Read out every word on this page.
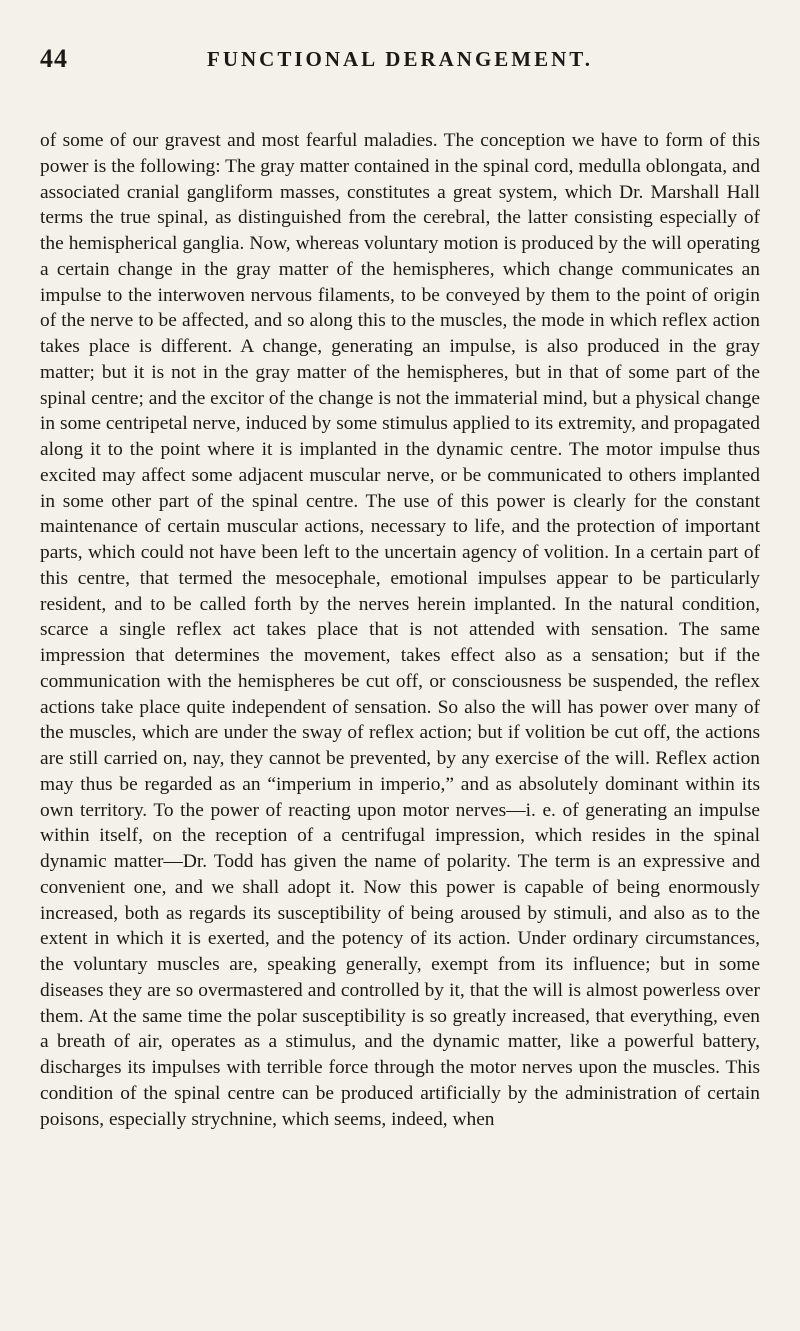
44	FUNCTIONAL DERANGEMENT.

of some of our gravest and most fearful maladies. The conception we have to form of this power is the following: The gray matter contained in the spinal cord, medulla oblongata, and associated cranial gangliform masses, constitutes a great system, which Dr. Marshall Hall terms the true spinal, as distinguished from the cerebral, the latter consisting especially of the hemispherical ganglia. Now, whereas voluntary motion is produced by the will operating a certain change in the gray matter of the hemispheres, which change communicates an impulse to the interwoven nervous filaments, to be conveyed by them to the point of origin of the nerve to be affected, and so along this to the muscles, the mode in which reflex action takes place is different. A change, generating an impulse, is also produced in the gray matter; but it is not in the gray matter of the hemispheres, but in that of some part of the spinal centre; and the excitor of the change is not the immaterial mind, but a physical change in some centripetal nerve, induced by some stimulus applied to its extremity, and propagated along it to the point where it is implanted in the dynamic centre. The motor impulse thus excited may affect some adjacent muscular nerve, or be communicated to others implanted in some other part of the spinal centre. The use of this power is clearly for the constant maintenance of certain muscular actions, necessary to life, and the protection of important parts, which could not have been left to the uncertain agency of volition. In a certain part of this centre, that termed the mesocephale, emotional impulses appear to be particularly resident, and to be called forth by the nerves herein implanted. In the natural condition, scarce a single reflex act takes place that is not attended with sensation. The same impression that determines the movement, takes effect also as a sensation; but if the communication with the hemispheres be cut off, or consciousness be suspended, the reflex actions take place quite independent of sensation. So also the will has power over many of the muscles, which are under the sway of reflex action; but if volition be cut off, the actions are still carried on, nay, they cannot be prevented, by any exercise of the will. Reflex action may thus be regarded as an “imperium in imperio,” and as absolutely dominant within its own territory. To the power of reacting upon motor nerves—i. e. of generating an impulse within itself, on the reception of a centrifugal impression, which resides in the spinal dynamic matter—Dr. Todd has given the name of polarity. The term is an expressive and convenient one, and we shall adopt it. Now this power is capable of being enormously increased, both as regards its susceptibility of being aroused by stimuli, and also as to the extent in which it is exerted, and the potency of its action. Under ordinary circumstances, the voluntary muscles are, speaking generally, exempt from its influence; but in some diseases they are so overmastered and controlled by it, that the will is almost powerless over them. At the same time the polar susceptibility is so greatly increased, that everything, even a breath of air, operates as a stimulus, and the dynamic matter, like a powerful battery, discharges its impulses with terrible force through the motor nerves upon the muscles. This condition of the spinal centre can be produced artificially by the administration of certain poisons, especially strychnine, which seems, indeed, when
